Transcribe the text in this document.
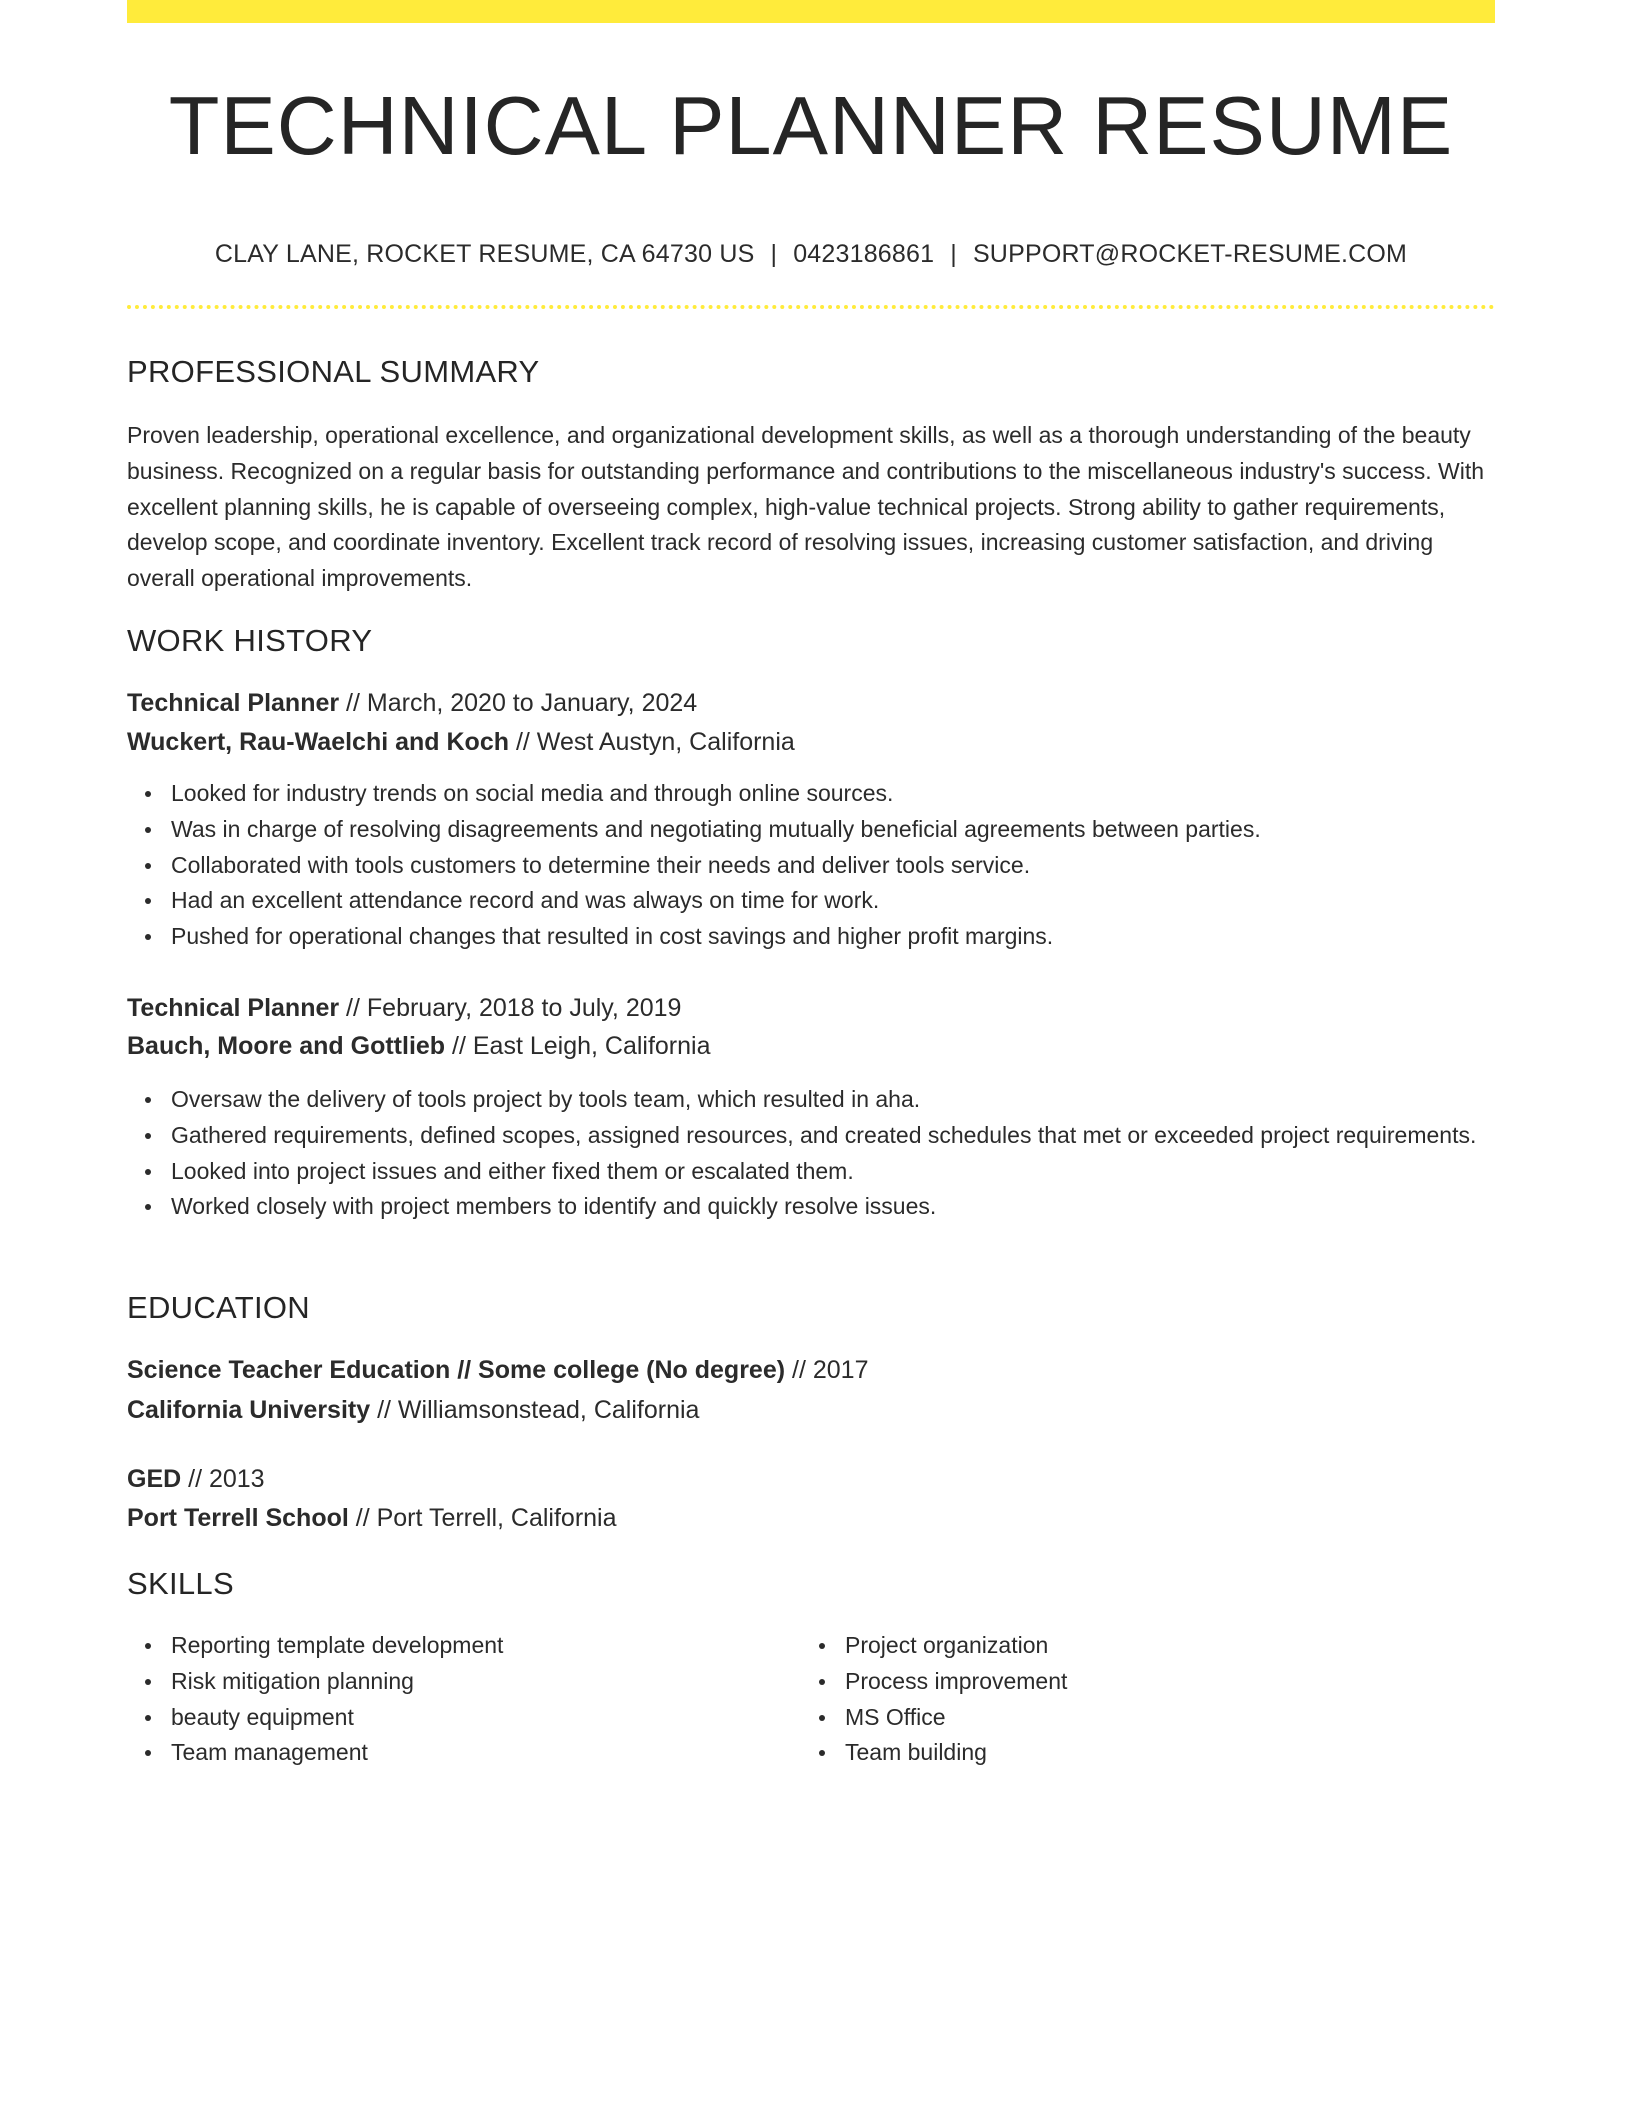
TECHNICAL PLANNER RESUME
CLAY LANE, ROCKET RESUME, CA 64730 US | 0423186861 | SUPPORT@ROCKET-RESUME.COM
PROFESSIONAL SUMMARY

Proven leadership, operational excellence, and organizational development skills, as well as a thorough understanding of the beauty business. Recognized on a regular basis for outstanding performance and contributions to the miscellaneous industry's success. With excellent planning skills, he is capable of overseeing complex, high-value technical projects. Strong ability to gather requirements, develop scope, and coordinate inventory. Excellent track record of resolving issues, increasing customer satisfaction, and driving overall operational improvements.

WORK HISTORY
Technical Planner // March, 2020 to January, 2024
Wuckert, Rau-Waelchi and Koch // West Austyn, California
Looked for industry trends on social media and through online sources.
Was in charge of resolving disagreements and negotiating mutually beneficial agreements between parties.
Collaborated with tools customers to determine their needs and deliver tools service.
Had an excellent attendance record and was always on time for work.
Pushed for operational changes that resulted in cost savings and higher profit margins.
Technical Planner // February, 2018 to July, 2019
Bauch, Moore and Gottlieb // East Leigh, California
Oversaw the delivery of tools project by tools team, which resulted in aha.
Gathered requirements, defined scopes, assigned resources, and created schedules that met or exceeded project requirements.
Looked into project issues and either fixed them or escalated them.
Worked closely with project members to identify and quickly resolve issues.
EDUCATION
Science Teacher Education // Some college (No degree) // 2017
California University // Williamsonstead, California
GED // 2013
Port Terrell School // Port Terrell, California
SKILLS
Reporting template development
Risk mitigation planning
beauty equipment
Team management
Project organization
Process improvement
MS Office
Team building
